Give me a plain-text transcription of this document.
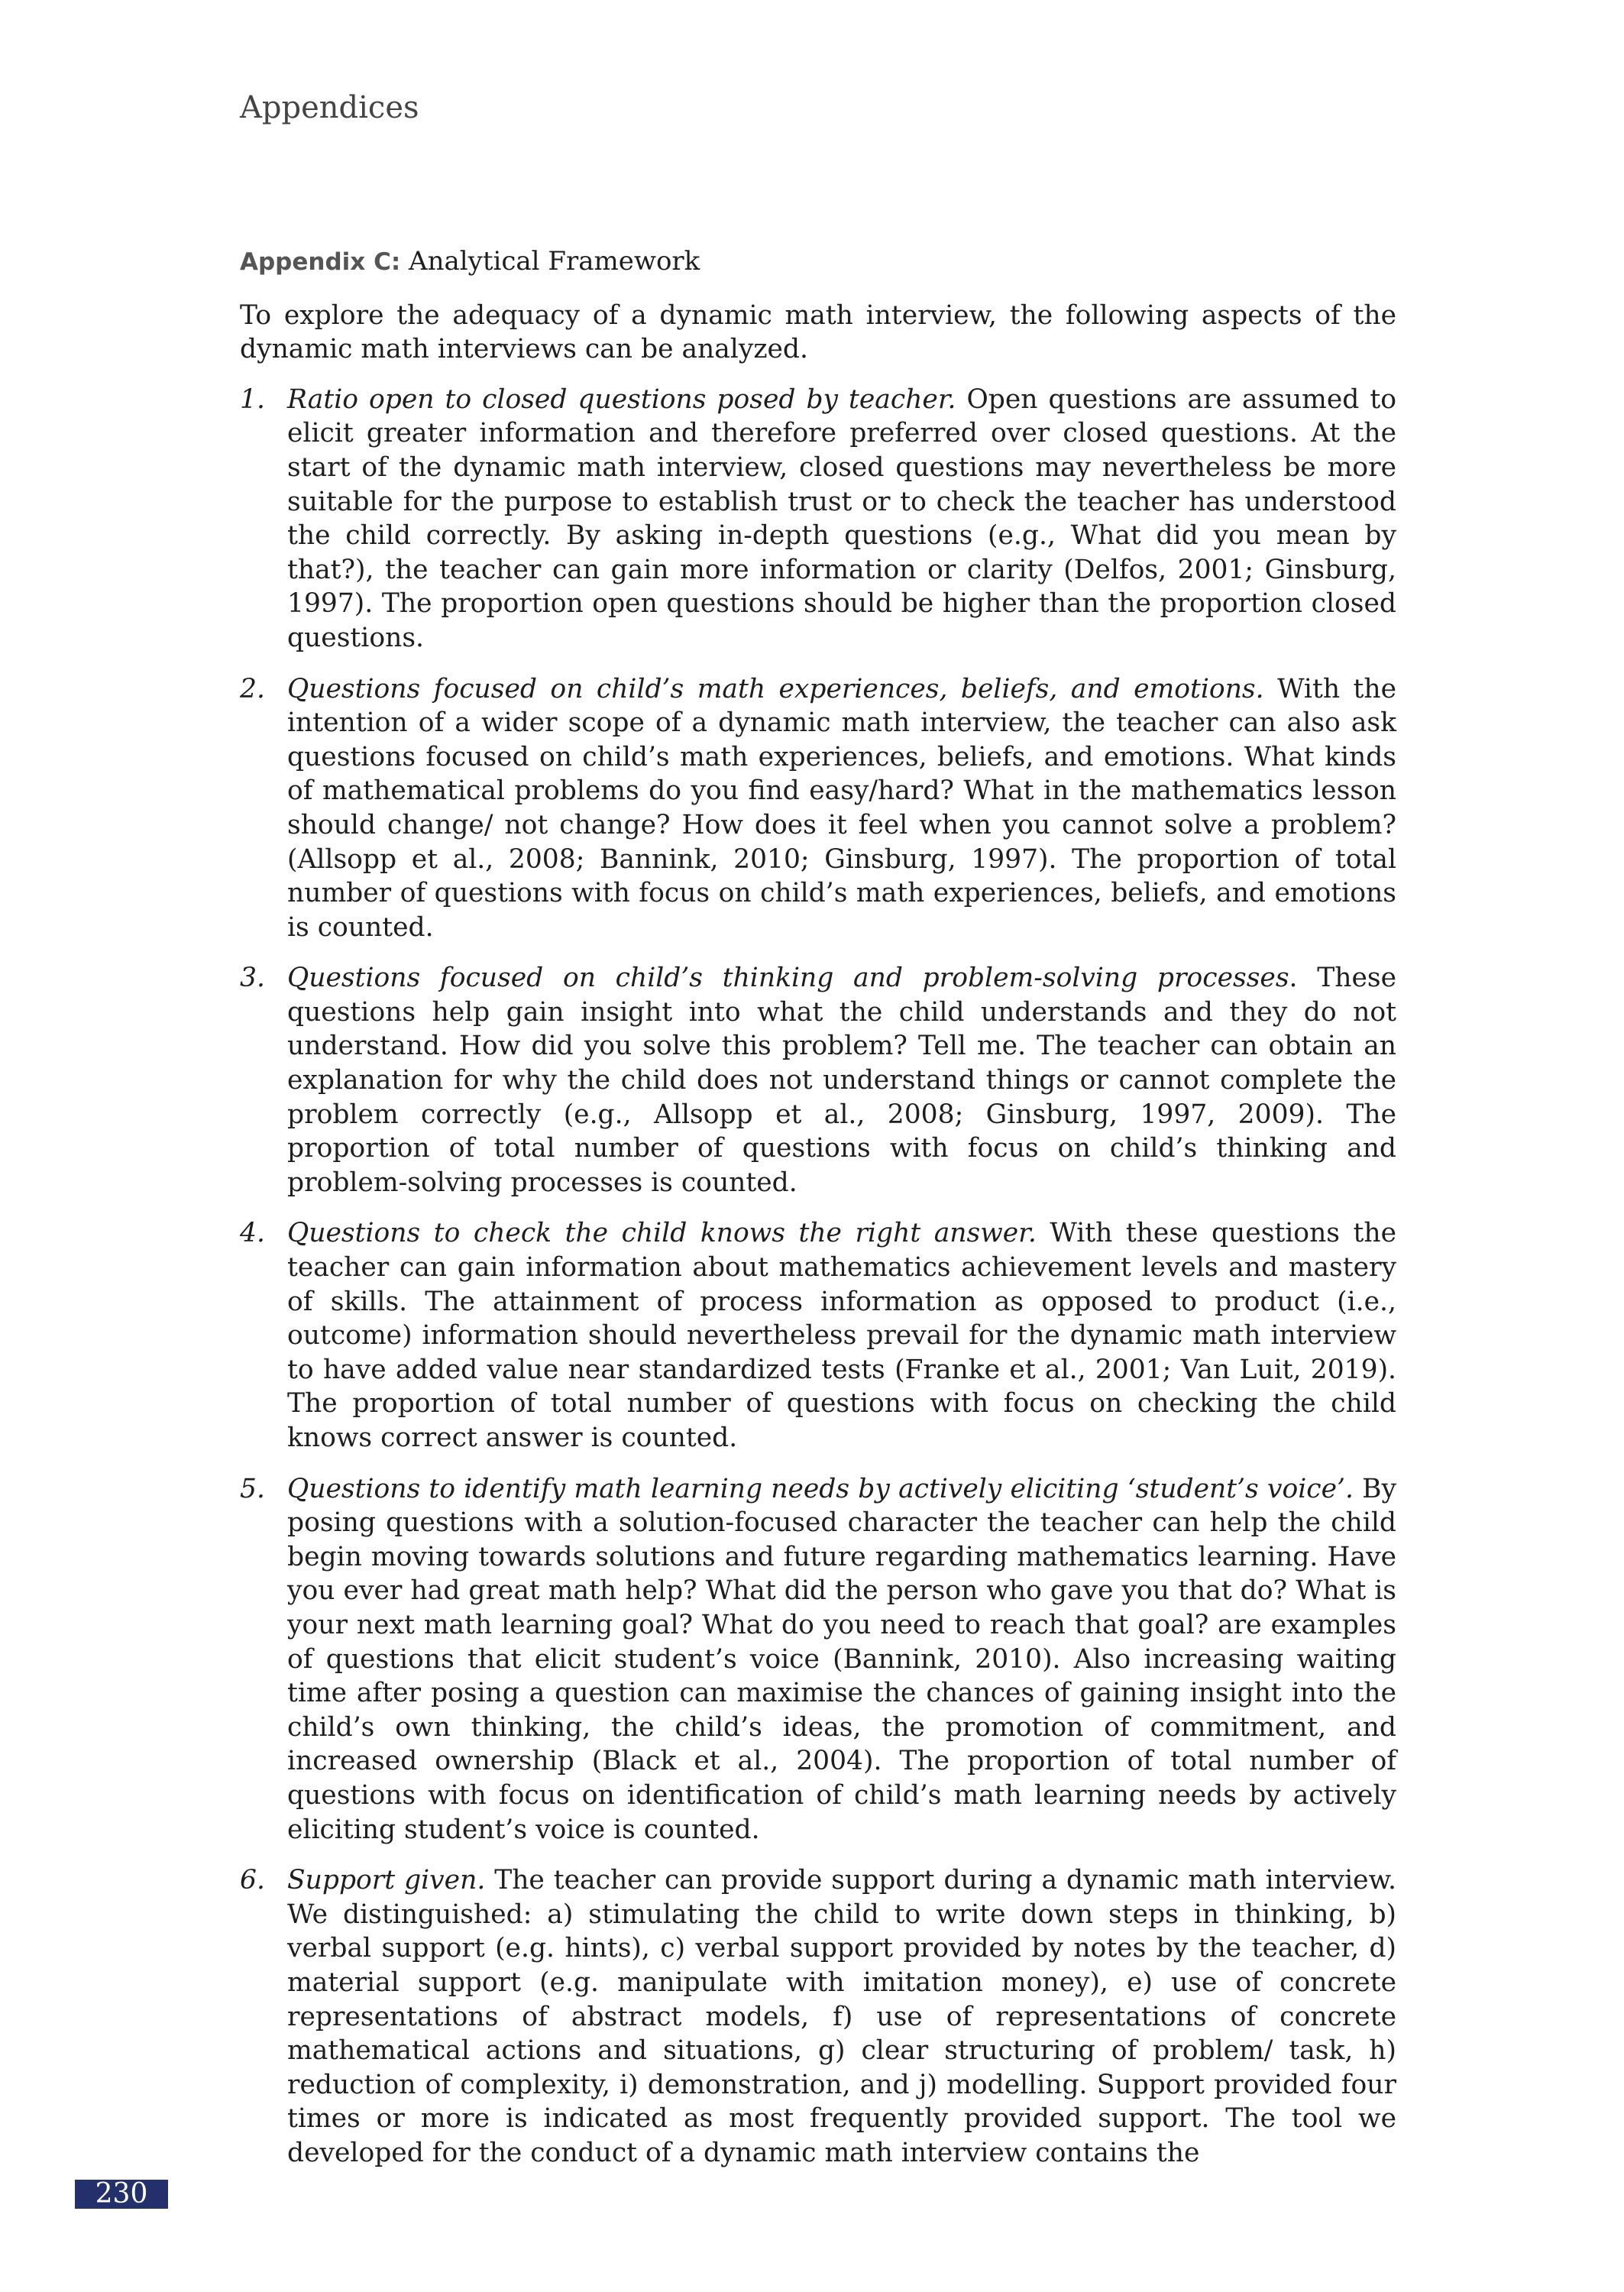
Appendices
Appendix C: Analytical Framework

To explore the adequacy of a dynamic math interview, the following aspects of the dynamic math interviews can be analyzed.

1. Ratio open to closed questions posed by teacher. Open questions are assumed to elicit greater information and therefore preferred over closed questions. At the start of the dynamic math interview, closed questions may nevertheless be more suitable for the purpose to establish trust or to check the teacher has understood the child correctly. By asking in-depth questions (e.g., What did you mean by that?), the teacher can gain more information or clarity (Delfos, 2001; Ginsburg, 1997). The proportion open questions should be higher than the proportion closed questions.
2. Questions focused on child’s math experiences, beliefs, and emotions. With the intention of a wider scope of a dynamic math interview, the teacher can also ask questions focused on child’s math experiences, beliefs, and emotions. What kinds of mathematical problems do you find easy/hard? What in the mathematics lesson should change/ not change? How does it feel when you cannot solve a problem? (Allsopp et al., 2008; Bannink, 2010; Ginsburg, 1997). The proportion of total number of questions with focus on child’s math experiences, beliefs, and emotions is counted.
3. Questions focused on child’s thinking and problem-solving processes. These questions help gain insight into what the child understands and they do not understand. How did you solve this problem? Tell me. The teacher can obtain an explanation for why the child does not understand things or cannot complete the problem correctly (e.g., Allsopp et al., 2008; Ginsburg, 1997, 2009). The proportion of total number of questions with focus on child’s thinking and problem-solving processes is counted.
4. Questions to check the child knows the right answer. With these questions the teacher can gain information about mathematics achievement levels and mastery of skills. The attainment of process information as opposed to product (i.e., outcome) information should nevertheless prevail for the dynamic math interview to have added value near standardized tests (Franke et al., 2001; Van Luit, 2019). The proportion of total number of questions with focus on checking the child knows correct answer is counted.
5. Questions to identify math learning needs by actively eliciting ‘student’s voice’. By posing questions with a solution-focused character the teacher can help the child begin moving towards solutions and future regarding mathematics learning. Have you ever had great math help? What did the person who gave you that do? What is your next math learning goal? What do you need to reach that goal? are examples of questions that elicit student’s voice (Bannink, 2010). Also increasing waiting time after posing a question can maximise the chances of gaining insight into the child’s own thinking, the child’s ideas, the promotion of commitment, and increased ownership (Black et al., 2004). The proportion of total number of questions with focus on identification of child’s math learning needs by actively eliciting student’s voice is counted.
6. Support given. The teacher can provide support during a dynamic math interview. We distinguished: a) stimulating the child to write down steps in thinking, b) verbal support (e.g. hints), c) verbal support provided by notes by the teacher, d) material support (e.g. manipulate with imitation money), e) use of concrete representations of abstract models, f) use of representations of concrete mathematical actions and situations, g) clear structuring of problem/ task, h) reduction of complexity, i) demonstration, and j) modelling. Support provided four times or more is indicated as most frequently provided support. The tool we developed for the conduct of a dynamic math interview contains the
230
